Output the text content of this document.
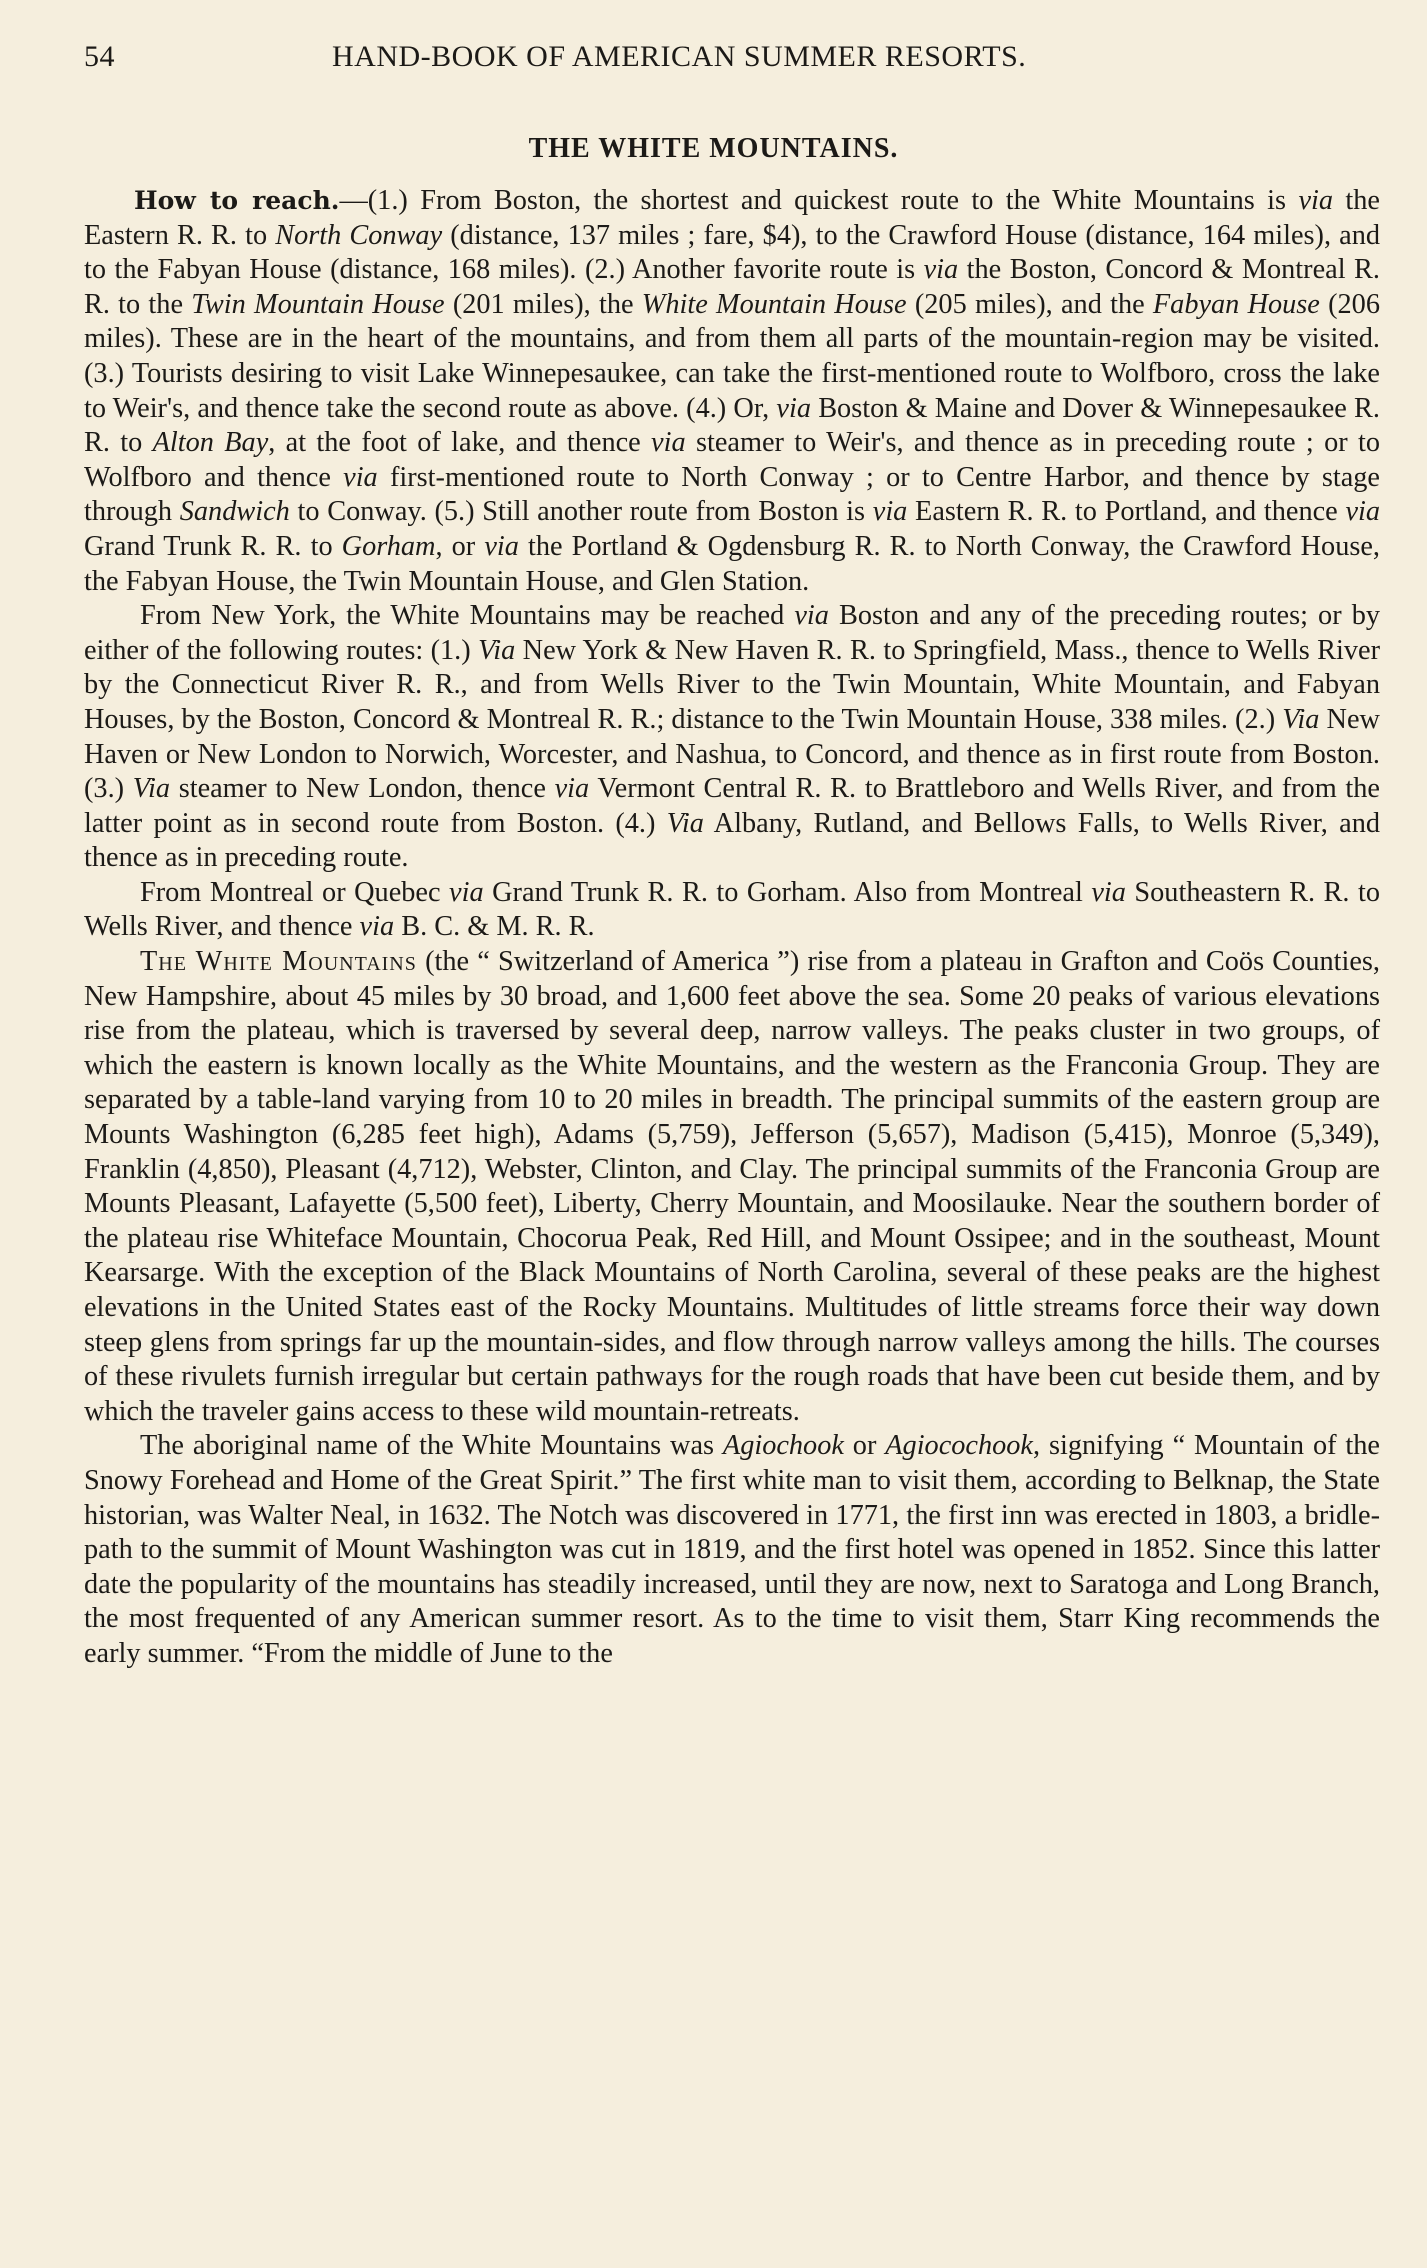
54	HAND-BOOK OF AMERICAN SUMMER RESORTS.
THE WHITE MOUNTAINS.

How to reach.—(1.) From Boston, the shortest and quickest route to the White Mountains is via the Eastern R. R. to North Conway (distance, 137 miles ; fare, $4), to the Crawford House (distance, 164 miles), and to the Fabyan House (distance, 168 miles). (2.) Another favorite route is via the Boston, Concord & Montreal R. R. to the Twin Mountain House (201 miles), the White Mountain House (205 miles), and the Fabyan House (206 miles). These are in the heart of the mountains, and from them all parts of the mountain-region may be visited. (3.) Tourists desiring to visit Lake Winnepesaukee, can take the first-mentioned route to Wolfboro, cross the lake to Weir's, and thence take the second route as above. (4.) Or, via Boston & Maine and Dover & Winnepesaukee R. R. to Alton Bay, at the foot of lake, and thence via steamer to Weir's, and thence as in preceding route ; or to Wolfboro and thence via first-mentioned route to North Conway ; or to Centre Harbor, and thence by stage through Sandwich to Conway. (5.) Still another route from Boston is via Eastern R. R. to Portland, and thence via Grand Trunk R. R. to Gorham, or via the Portland & Ogdensburg R. R. to North Conway, the Crawford House, the Fabyan House, the Twin Mountain House, and Glen Station.

From New York, the White Mountains may be reached via Boston and any of the preceding routes; or by either of the following routes: (1.) Via New York & New Haven R. R. to Springfield, Mass., thence to Wells River by the Connecticut River R. R., and from Wells River to the Twin Mountain, White Mountain, and Fabyan Houses, by the Boston, Concord & Montreal R. R.; distance to the Twin Mountain House, 338 miles. (2.) Via New Haven or New London to Norwich, Worcester, and Nashua, to Concord, and thence as in first route from Boston. (3.) Via steamer to New London, thence via Vermont Central R. R. to Brattleboro and Wells River, and from the latter point as in second route from Boston. (4.) Via Albany, Rutland, and Bellows Falls, to Wells River, and thence as in preceding route.

From Montreal or Quebec via Grand Trunk R. R. to Gorham. Also from Montreal via Southeastern R. R. to Wells River, and thence via B. C. & M. R. R.

The White Mountains (the “ Switzerland of America ”) rise from a plateau in Grafton and Coös Counties, New Hampshire, about 45 miles by 30 broad, and 1,600 feet above the sea. Some 20 peaks of various elevations rise from the plateau, which is traversed by several deep, narrow valleys. The peaks cluster in two groups, of which the eastern is known locally as the White Mountains, and the western as the Franconia Group. They are separated by a table-land varying from 10 to 20 miles in breadth. The principal summits of the eastern group are Mounts Washington (6,285 feet high), Adams (5,759), Jefferson (5,657), Madison (5,415), Monroe (5,349), Franklin (4,850), Pleasant (4,712), Webster, Clinton, and Clay. The principal summits of the Franconia Group are Mounts Pleasant, Lafayette (5,500 feet), Liberty, Cherry Mountain, and Moosilauke. Near the southern border of the plateau rise Whiteface Mountain, Chocorua Peak, Red Hill, and Mount Ossipee; and in the southeast, Mount Kearsarge. With the exception of the Black Mountains of North Carolina, several of these peaks are the highest elevations in the United States east of the Rocky Mountains. Multitudes of little streams force their way down steep glens from springs far up the mountain-sides, and flow through narrow valleys among the hills. The courses of these rivulets furnish irregular but certain pathways for the rough roads that have been cut beside them, and by which the traveler gains access to these wild mountain-retreats.

The aboriginal name of the White Mountains was Agiochook or Agiocochook, signifying “ Mountain of the Snowy Forehead and Home of the Great Spirit.” The first white man to visit them, according to Belknap, the State historian, was Walter Neal, in 1632. The Notch was discovered in 1771, the first inn was erected in 1803, a bridle-path to the summit of Mount Washington was cut in 1819, and the first hotel was opened in 1852. Since this latter date the popularity of the mountains has steadily increased, until they are now, next to Saratoga and Long Branch, the most frequented of any American summer resort. As to the time to visit them, Starr King recommends the early summer. “From the middle of June to the
